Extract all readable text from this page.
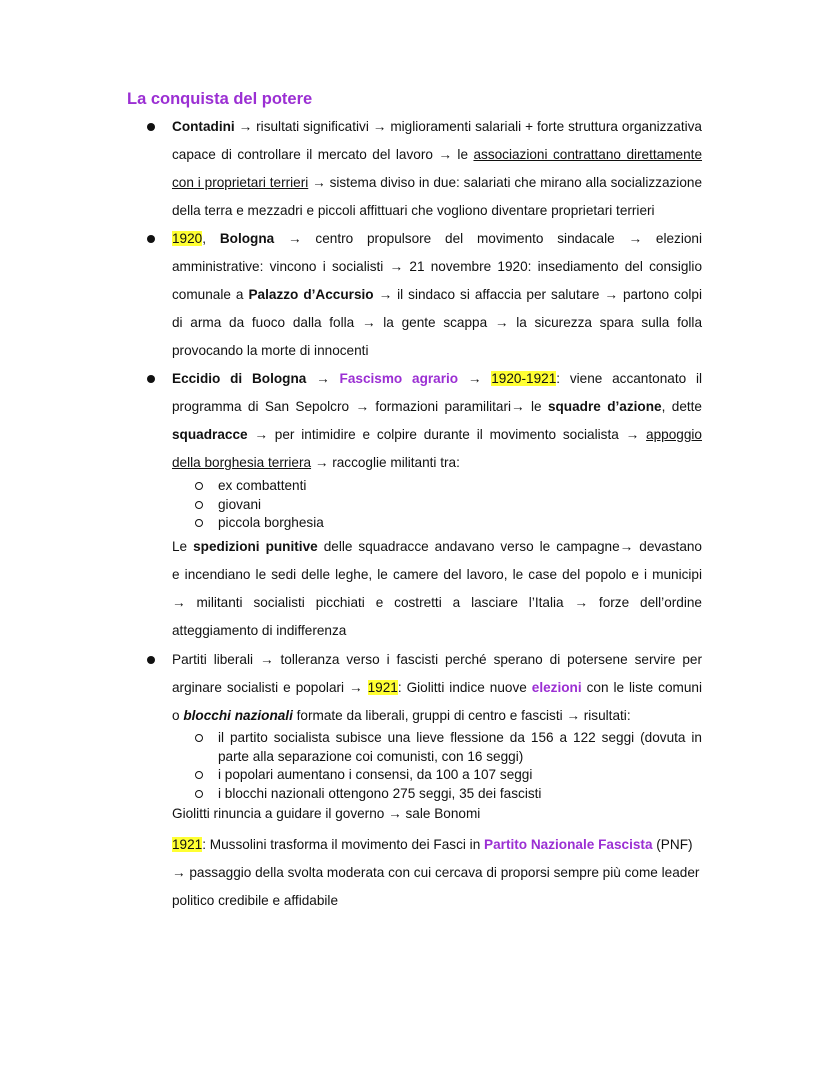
La conquista del potere
Contadini → risultati significativi → miglioramenti salariali + forte struttura organizzativa
capace di controllare il mercato del lavoro → le associazioni contrattano direttamente
con i proprietari terrieri → sistema diviso in due: salariati che mirano alla socializzazione
della terra e mezzadri e piccoli affittuari che vogliono diventare proprietari terrieri
1920, Bologna → centro propulsore del movimento sindacale → elezioni
amministrative: vincono i socialisti → 21 novembre 1920: insediamento del consiglio
comunale a Palazzo d’Accursio → il sindaco si affaccia per salutare → partono colpi
di arma da fuoco dalla folla → la gente scappa → la sicurezza spara sulla folla
provocando la morte di innocenti
Eccidio di Bologna → Fascismo agrario → 1920-1921: viene accantonato il
programma di San Sepolcro → formazioni paramilitari→ le squadre d’azione, dette
squadracce → per intimidire e colpire durante il movimento socialista → appoggio
della borghesia terriera → raccoglie militanti tra:

ex combattenti

giovani

piccola borghesia

Le spedizioni punitive delle squadracce andavano verso le campagne→ devastano
e incendiano le sedi delle leghe, le camere del lavoro, le case del popolo e i municipi
→ militanti socialisti picchiati e costretti a lasciare l’Italia → forze dell’ordine
atteggiamento di indifferenza
Partiti liberali → tolleranza verso i fascisti perché sperano di potersene servire per
arginare socialisti e popolari → 1921: Giolitti indice nuove elezioni con le liste comuni
o blocchi nazionali formate da liberali, gruppi di centro e fascisti → risultati:

il partito socialista subisce una lieve flessione da 156 a 122 seggi (dovuta in
parte alla separazione coi comunisti, con 16 seggi)

i popolari aumentano i consensi, da 100 a 107 seggi

i blocchi nazionali ottengono 275 seggi, 35 dei fascisti

Giolitti rinuncia a guidare il governo → sale Bonomi

1921: Mussolini trasforma il movimento dei Fasci in Partito Nazionale Fascista (PNF)
→ passaggio della svolta moderata con cui cercava di proporsi sempre più come leader
politico credibile e affidabile
